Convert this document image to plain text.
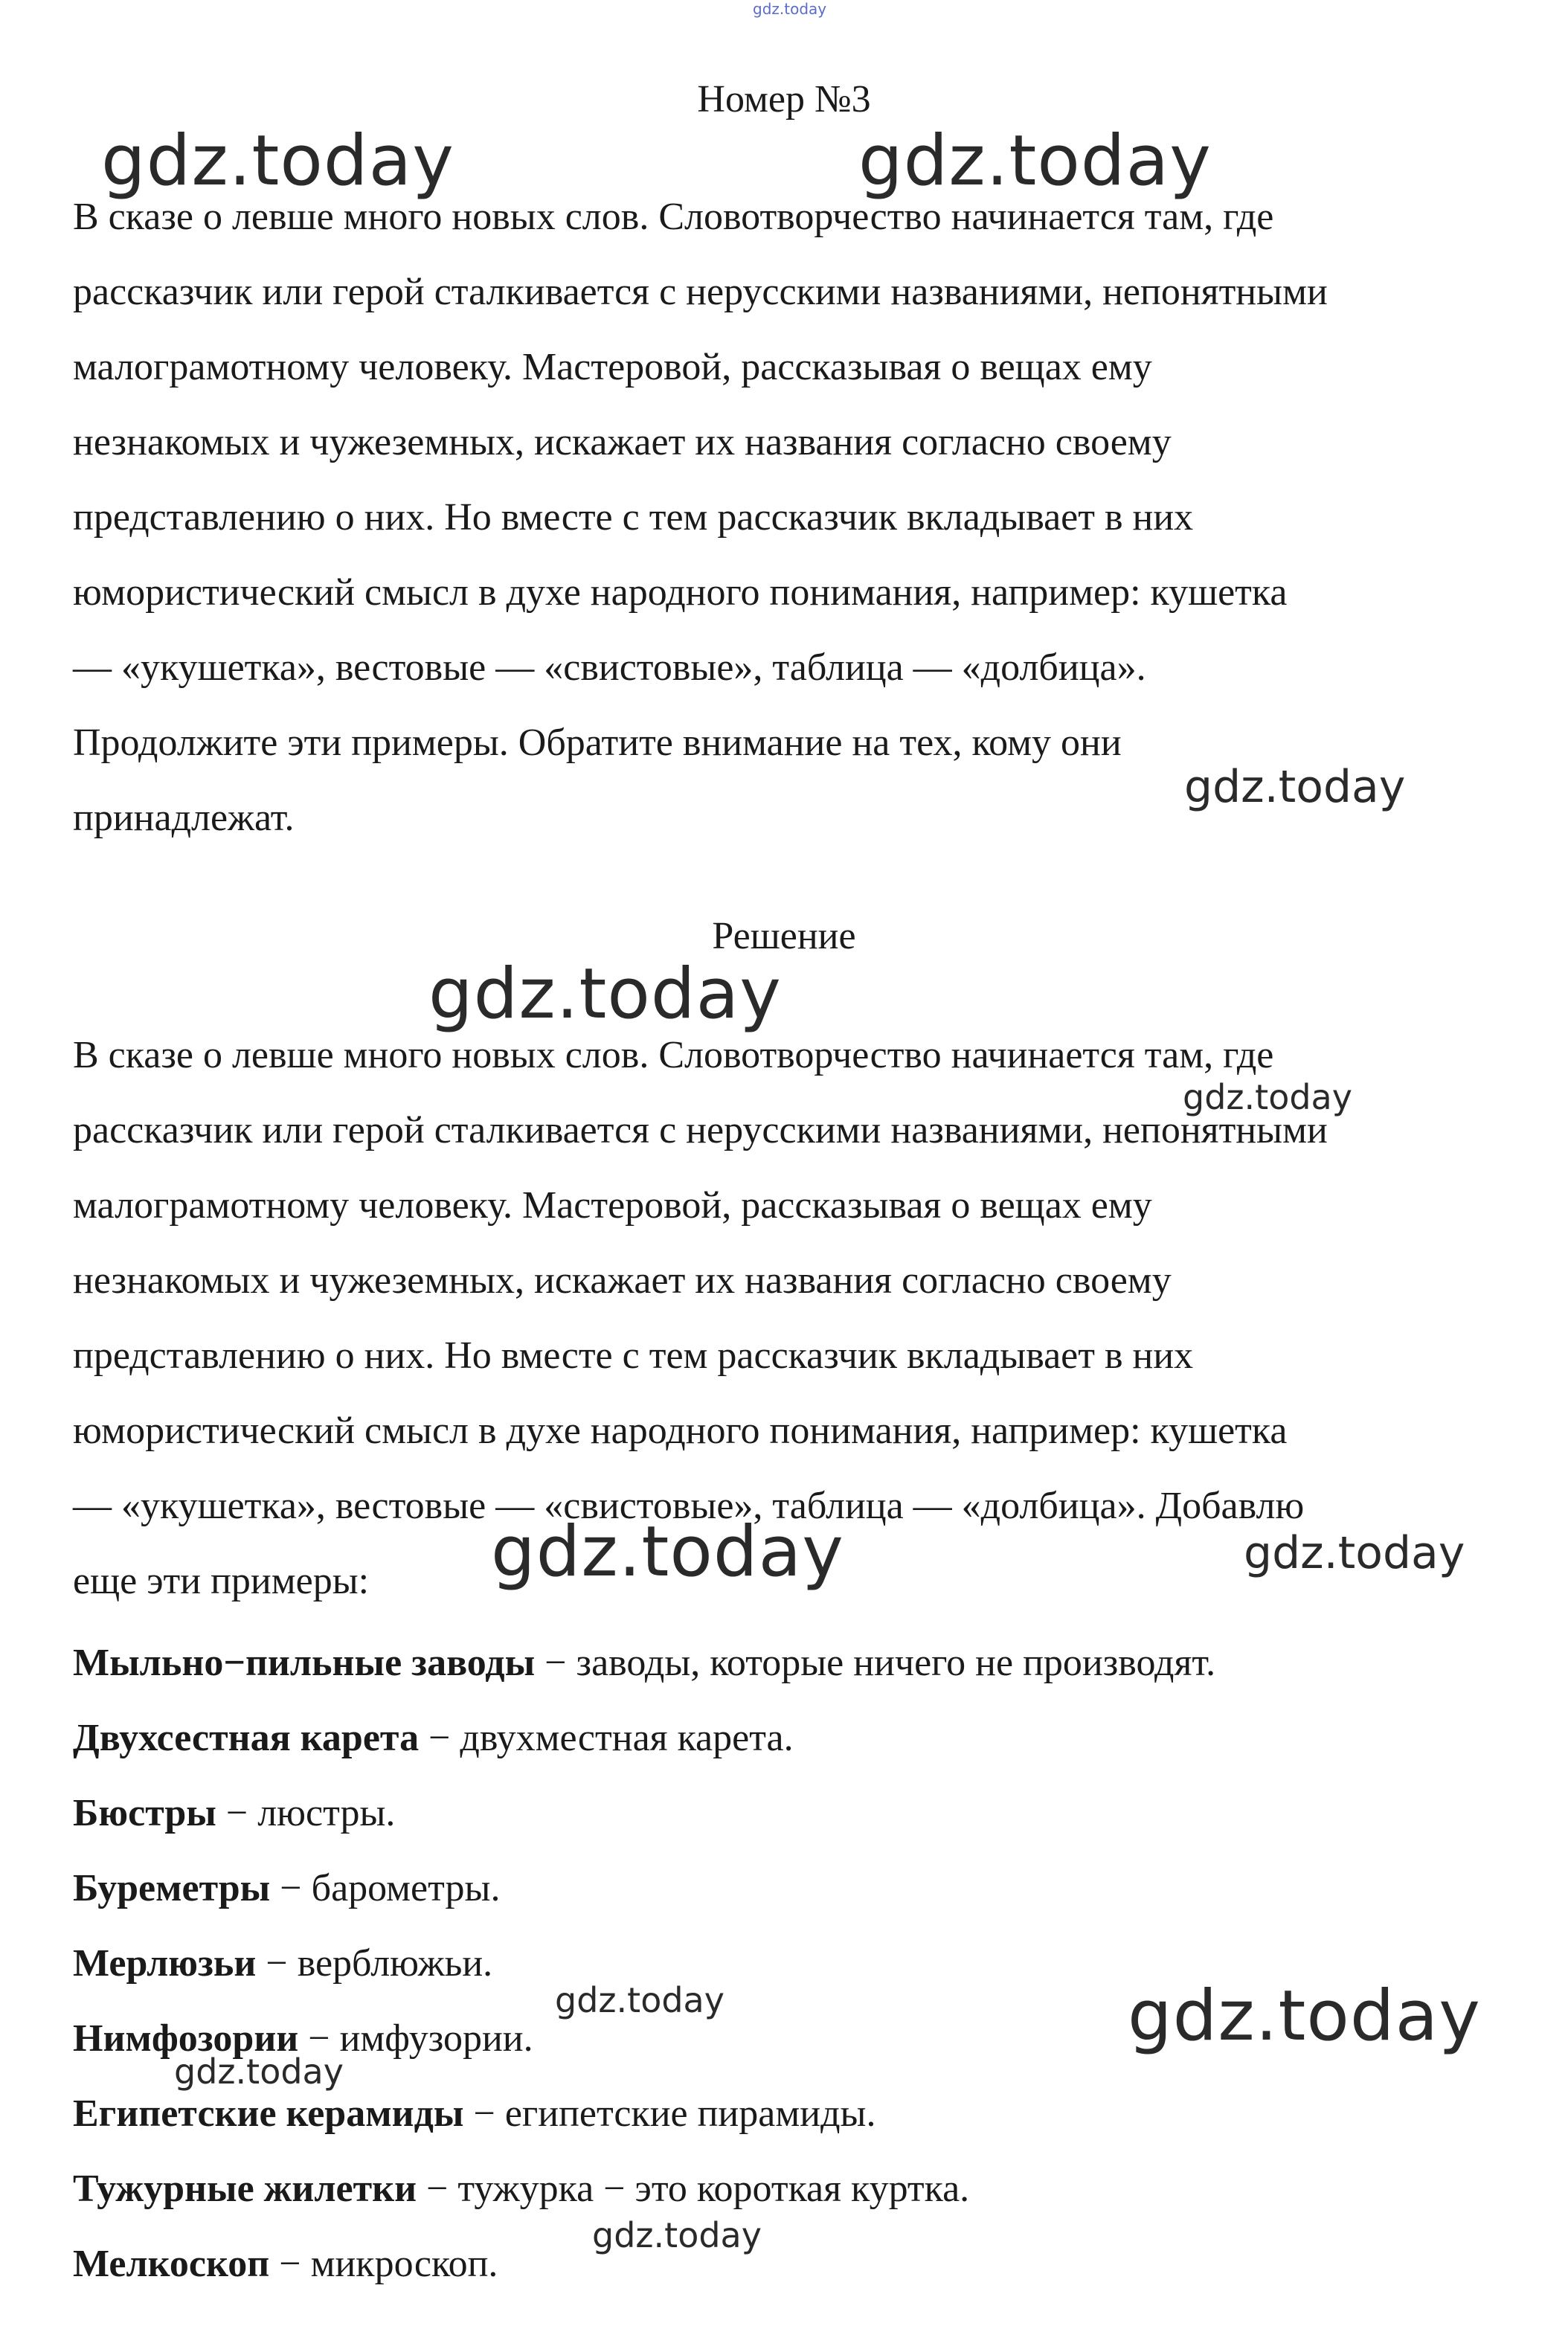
gdz.today
Номер №3

В сказе о левше много новых слов. Словотворчество начинается там, где
рассказчик или герой сталкивается с нерусскими названиями, непонятными
малограмотному человеку. Мастеровой, рассказывая о вещах ему
незнакомых и чужеземных, искажает их названия согласно своему
представлению о них. Но вместе с тем рассказчик вкладывает в них
юмористический смысл в духе народного понимания, например: кушетка
— «укушетка», вестовые — «свистовые», таблица — «долбица».
Продолжите эти примеры. Обратите внимание на тех, кому они
принадлежат.

Решение

В сказе о левше много новых слов. Словотворчество начинается там, где
рассказчик или герой сталкивается с нерусскими названиями, непонятными
малограмотному человеку. Мастеровой, рассказывая о вещах ему
незнакомых и чужеземных, искажает их названия согласно своему
представлению о них. Но вместе с тем рассказчик вкладывает в них
юмористический смысл в духе народного понимания, например: кушетка
— «укушетка», вестовые — «свистовые», таблица — «долбица». Добавлю
еще эти примеры:

Мыльно−пильные заводы − заводы, которые ничего не производят.
Двухсестная карета − двухместная карета.
Бюстры − люстры.
Буреметры − барометры.
Мерлюзьи − верблюжьи.
Нимфозории − имфузории.
Египетские керамиды − египетские пирамиды.
Тужурные жилетки − тужурка − это короткая куртка.
Мелкоскоп − микроскоп.
gdz.today	gdz.today
gdz.today
gdz.today
gdz.today
gdz.today	gdz.today
gdz.today	gdz.today
gdz.today
gdz.today
